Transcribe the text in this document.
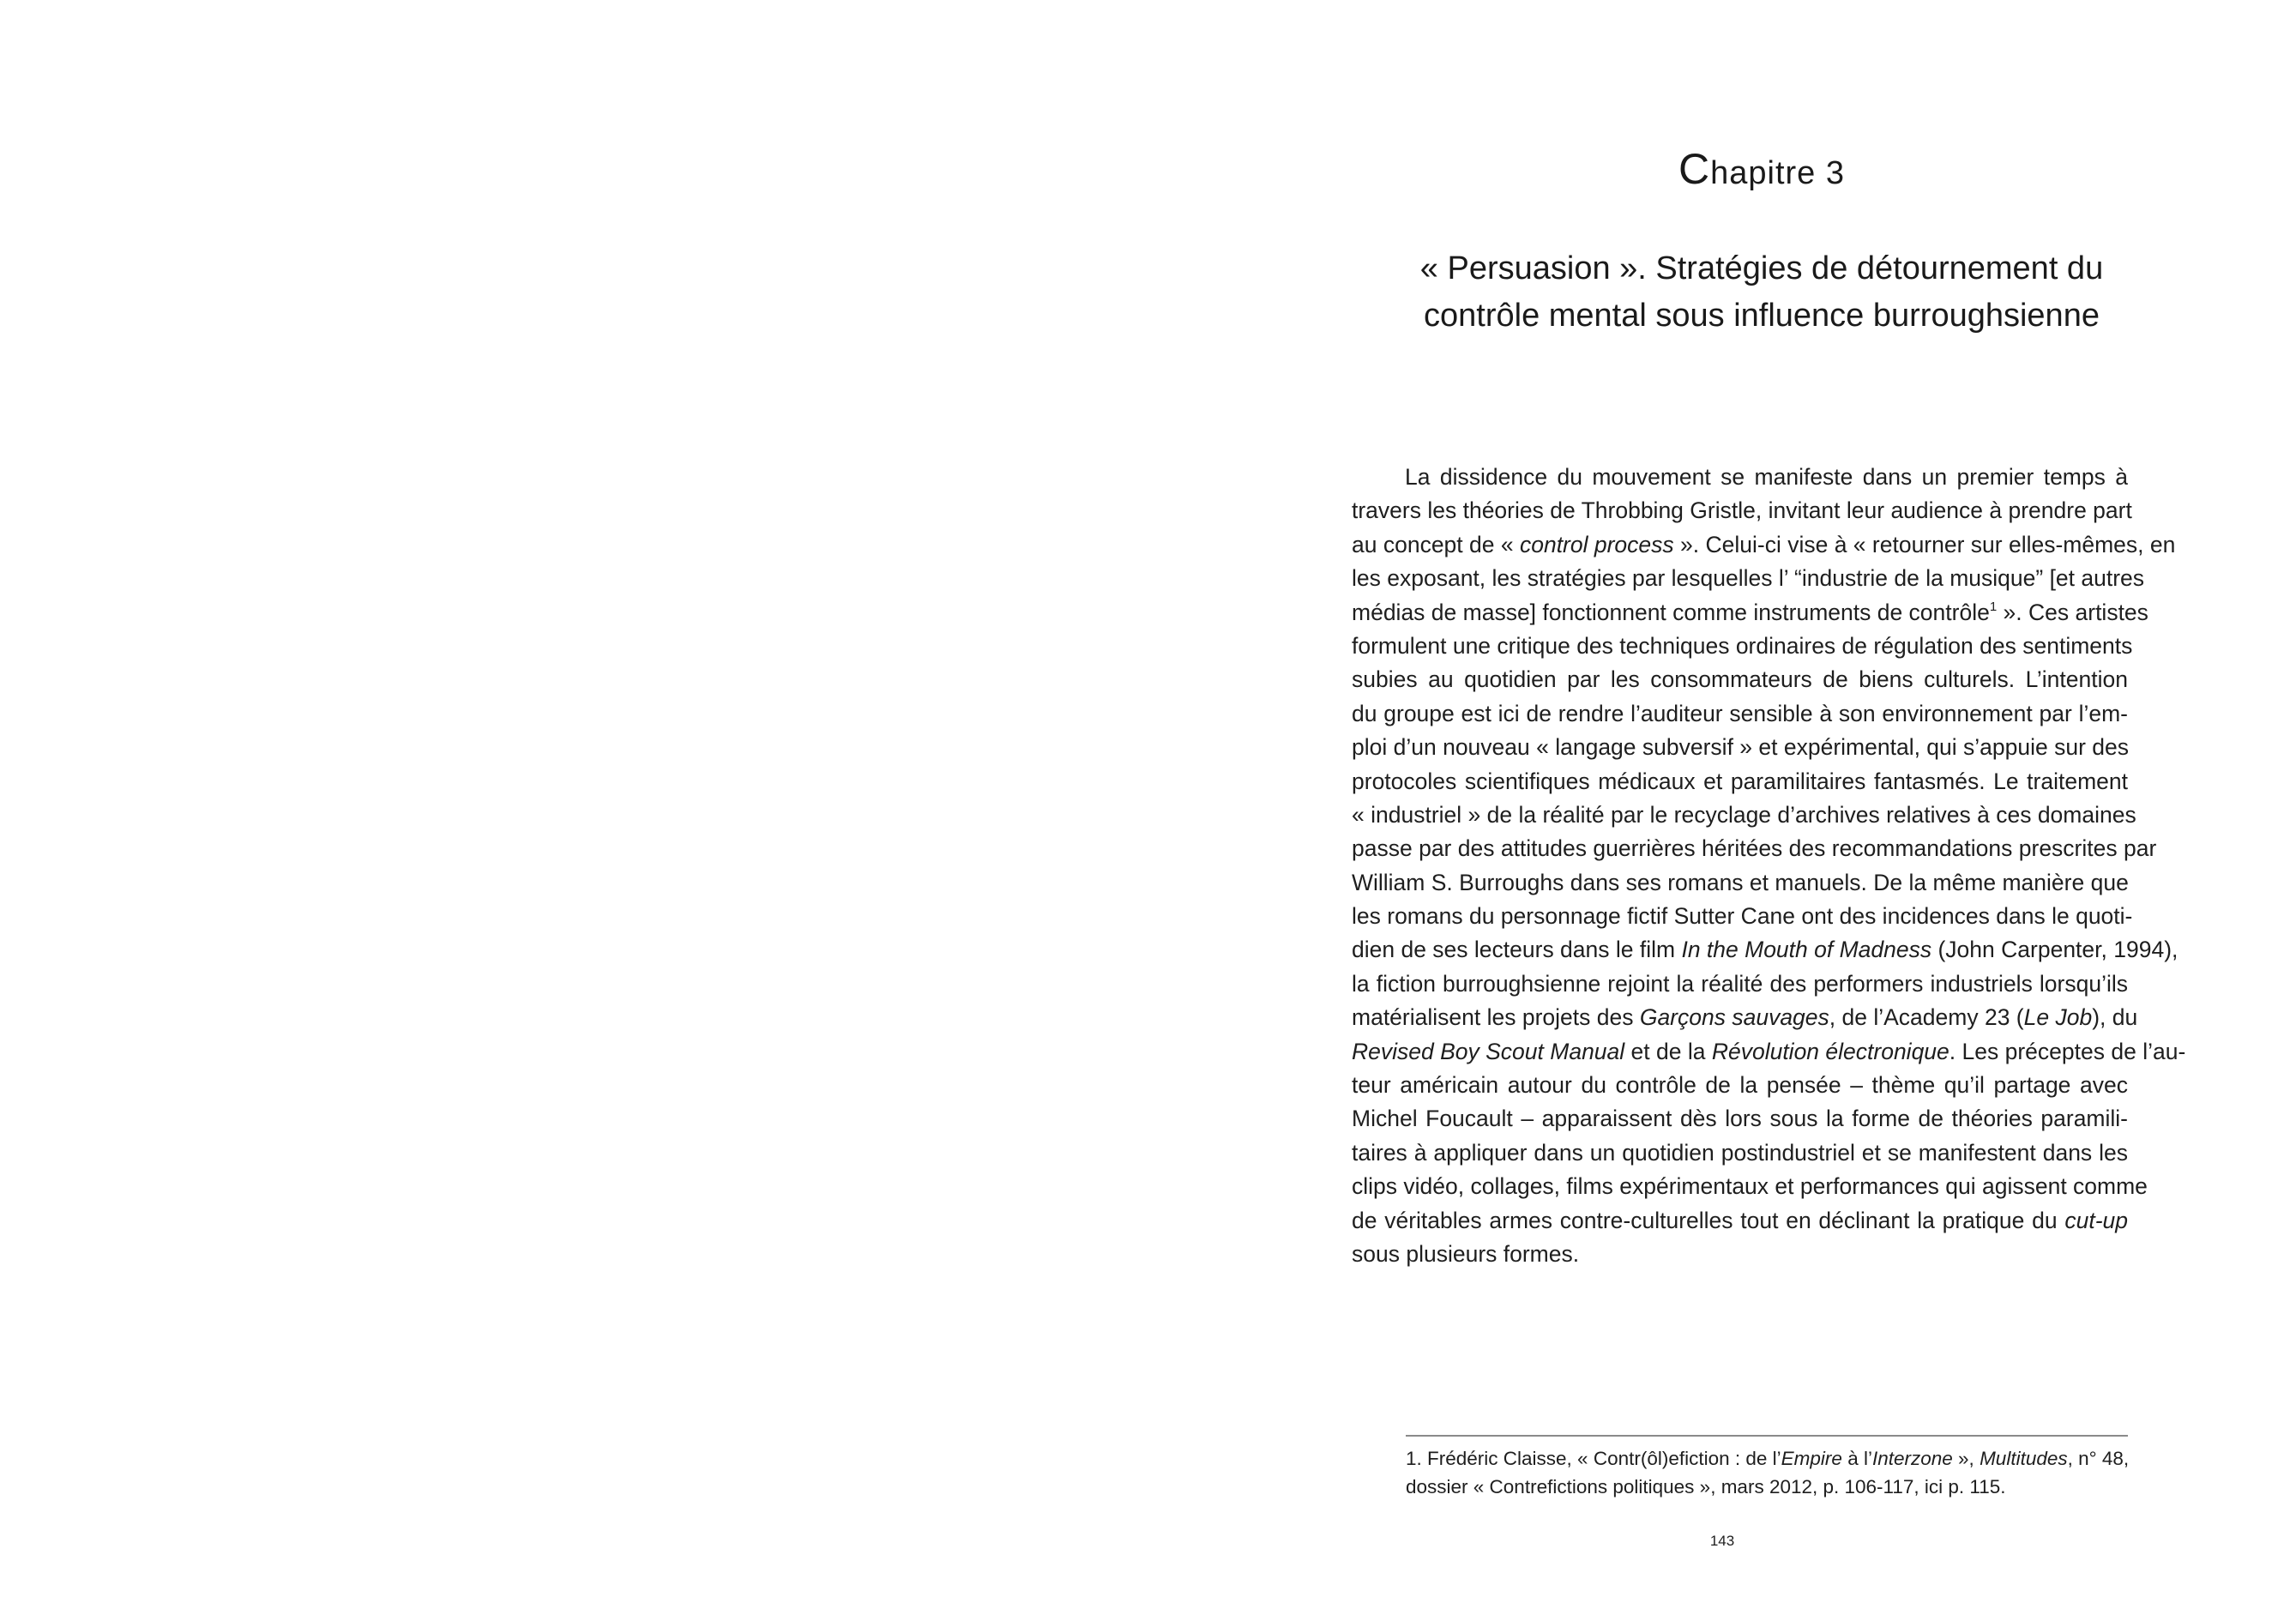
Chapitre 3
« Persuasion ». Stratégies de détournement du
contrôle mental sous influence burroughsienne
La dissidence du mouvement se manifeste dans un premier temps à
travers les théories de Throbbing Gristle, invitant leur audience à prendre part
au concept de « control process ». Celui-ci vise à « retourner sur elles-mêmes, en
les exposant, les stratégies par lesquelles l’ “industrie de la musique” [et autres
médias de masse] fonctionnent comme instruments de contrôle$^1$ ». Ces artistes
formulent une critique des techniques ordinaires de régulation des sentiments
subies au quotidien par les consommateurs de biens culturels. L’intention
du groupe est ici de rendre l’auditeur sensible à son environnement par l’em-
ploi d’un nouveau « langage subversif » et expérimental, qui s’appuie sur des
protocoles scientifiques médicaux et paramilitaires fantasmés. Le traitement
« industriel » de la réalité par le recyclage d’archives relatives à ces domaines
passe par des attitudes guerrières héritées des recommandations prescrites par
William S. Burroughs dans ses romans et manuels. De la même manière que
les romans du personnage fictif Sutter Cane ont des incidences dans le quoti-
dien de ses lecteurs dans le film In the Mouth of Madness (John Carpenter, 1994),
la fiction burroughsienne rejoint la réalité des performers industriels lorsqu’ils
matérialisent les projets des Garçons sauvages, de l’Academy 23 (Le Job), du
Revised Boy Scout Manual et de la Révolution électronique. Les préceptes de l’au-
teur américain autour du contrôle de la pensée – thème qu’il partage avec
Michel Foucault – apparaissent dès lors sous la forme de théories paramili-
taires à appliquer dans un quotidien postindustriel et se manifestent dans les
clips vidéo, collages, films expérimentaux et performances qui agissent comme
de véritables armes contre-culturelles tout en déclinant la pratique du cut-up
sous plusieurs formes.
1. Frédéric Claisse, « Contr(ôl)efiction : de l’Empire à l’Interzone », Multitudes, n° 48,
dossier « Contrefictions politiques », mars 2012, p. 106-117, ici p. 115.
143
